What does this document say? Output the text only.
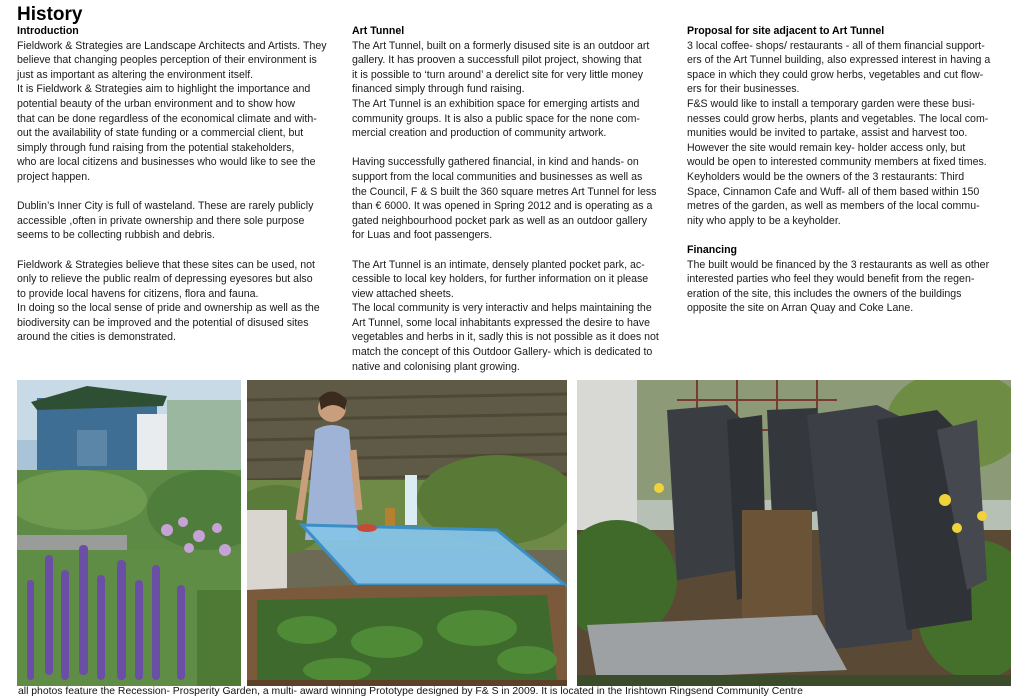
History
Introduction
Fieldwork & Strategies are Landscape Architects and Artists. They
believe that changing peoples perception of their environment is
just as important as altering the environment itself.
It is Fieldwork & Strategies aim to highlight the importance and
potential beauty of the urban environment and to show how
that can be done regardless of the economical climate and with-
out the availability of state funding or a commercial client, but
simply through fund raising from the potential stakeholders,
who are local citizens and businesses who would like to see the
project happen.
Dublin’s Inner City is full of wasteland. These are rarely publicly
accessible ,often in private ownership and there sole purpose
seems to be collecting rubbish and debris.
Fieldwork & Strategies believe that these sites can be used, not
only to relieve the public realm of depressing eyesores but also
to provide local havens for citizens, flora and fauna.
In doing so the local sense of pride and ownership as well as the
biodiversity can be improved and the potential of disused sites
around the cities is demonstrated.
Art Tunnel
The Art Tunnel, built on a formerly disused site is an outdoor art
gallery. It has prooven a successfull pilot project, showing that
it is possible to ‘turn around’ a derelict site for very little money
financed simply through fund raising.
The Art Tunnel is an exhibition space for emerging artists and
community groups. It is also a public space for the none com-
mercial creation and production of community artwork.
Having successfully gathered financial, in kind and hands- on
support from the local communities and businesses as well as
the Council, F & S built the 360 square metres Art Tunnel for less
than € 6000. It was opened in Spring 2012 and is operating as a
gated neighbourhood pocket park as well as an outdoor gallery
for Luas and foot passengers.
The Art Tunnel is an intimate, densely planted pocket park, ac-
cessible to local key holders, for further information on it please
view attached sheets.
The local community is very interactiv and helps maintaining the
Art Tunnel, some local inhabitants expressed the desire to have
vegetables and herbs in it, sadly this is not possible as it does not
match the concept of this Outdoor Gallery- which is dedicated to
native and colonising plant growing.
Proposal for site adjacent to Art Tunnel
3 local coffee- shops/ restaurants - all of them financial support-
ers of the Art Tunnel building, also expressed interest in having a
space in which they could grow herbs, vegetables and cut flow-
ers for their businesses.
F&S would like to install a temporary garden were these busi-
nesses could grow herbs, plants and vegetables. The local com-
munities would be invited to partake, assist and harvest too.
However the site would remain key- holder access only, but
would be open to interested community members at fixed times.
Keyholders would be the owners of the 3 restaurants: Third
Space, Cinnamon Cafe and Wuff- all of them based within 150
metres of the garden, as well as members of the local commu-
nity who apply to be a keyholder.
Financing
The built would be financed by the 3 restaurants as well as other
interested parties who feel they would benefit from the regen-
eration of the site, this includes the owners of the buildings
opposite the site on Arran Quay and Coke Lane.
all photos feature the Recession- Prosperity Garden, a multi- award winning Prototype designed by F& S in 2009. It is located in the Irishtown Ringsend Community Centre
